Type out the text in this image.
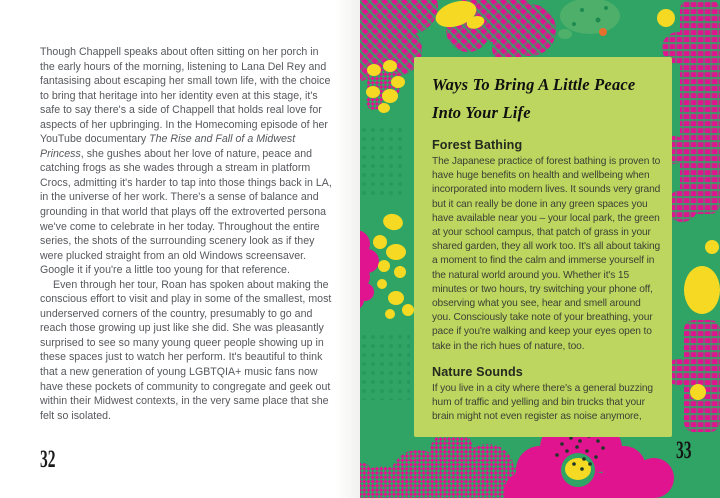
Though Chappell speaks about often sitting on her porch in the early hours of the morning, listening to Lana Del Rey and fantasising about escaping her small town life, with the choice to bring that heritage into her identity even at this stage, it's safe to say there's a side of Chappell that holds real love for aspects of her upbringing. In the Homecoming episode of her YouTube documentary The Rise and Fall of a Midwest Princess, she gushes about her love of nature, peace and catching frogs as she wades through a stream in platform Crocs, admitting it's harder to tap into those things back in LA, in the universe of her work. There's a sense of balance and grounding in that world that plays off the extroverted persona we've come to celebrate in her today. Throughout the entire series, the shots of the surrounding scenery look as if they were plucked straight from an old Windows screensaver. Google it if you're a little too young for that reference.

Even through her tour, Roan has spoken about making the conscious effort to visit and play in some of the smallest, most underserved corners of the country, presumably to go and reach those growing up just like she did. She was pleasantly surprised to see so many young queer people showing up in these spaces just to watch her perform. It's beautiful to think that a new generation of young LGBTQIA+ music fans now have these pockets of community to congregate and geek out within their Midwest contexts, in the very same place that she felt so isolated.

32
Ways To Bring A Little Peace
Into Your Life
Forest Bathing
The Japanese practice of forest bathing is proven to have huge benefits on health and wellbeing when incorporated into modern lives. It sounds very grand but it can really be done in any green spaces you have available near you – your local park, the green at your school campus, that patch of grass in your shared garden, they all work too. It's all about taking a moment to find the calm and immerse yourself in the natural world around you. Whether it's 15 minutes or two hours, try switching your phone off, observing what you see, hear and smell around you. Consciously take note of your breathing, your pace if you're walking and keep your eyes open to take in the rich hues of nature, too.
Nature Sounds
If you live in a city where there's a general buzzing hum of traffic and yelling and bin trucks that your brain might not even register as noise anymore,
33
